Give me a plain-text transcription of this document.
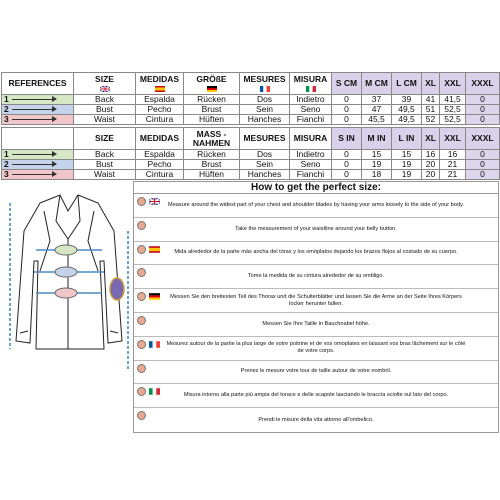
REFERENCES	SIZE	MEDIDAS	GRÖßE	MESURES	MISURA	S CM	M CM	L CM	XL	XXL	XXXL
1	Back	Espalda	Rücken	Dos	Indietro	0	37	39	41	41,5	0
2	Bust	Pecho	Brust	Sein	Seno	0	47	49,5	51	52,5	0
3	Waist	Cintura	Hüften	Hanches	Fianchi	0	45,5	49,5	52	52,5	0
	SIZE	MEDIDAS	MASS - NAHMEN	MESURES	MISURA	S IN	M IN	L IN	XL	XXL	XXXL
1	Back	Espalda	Rücken	Dos	Indietro	0	15	15	16	16	0
2	Bust	Pecho	Brust	Sein	Seno	0	19	19	20	21	0
3	Waist	Cintura	Hüften	Hanches	Fianchi	0	18	19	20	21	0
How to get the perfect size:
Measure around the widest part of your chest and shoulder blades by having your arms loosely to the side of your body.
Take the measurement of your waistline around your belly button.
Mida alrededor de la parte más ancha del tórax y los omóplatos dejando los brazos flojos al costado de su cuerpo.
Tome la medida de su cintura alrededor de su ombligo.
Messen Sie den breitesten Teil des Thorax und die Schulterblätter und lassen Sie die Arme an der Seite Ihres Körpers locker herunter fallen.
Messen Sie Ihre Taille in Bauchnabel höhe.
Mesurez autour de la partie la plus large de votre poitrine et de vos omoplates en laissant vos bras lâchement sur le côté de votre corps.
Prenez le mesure votre tour de taille autour de votre nombril.
Misura intorno alla parte più ampia del torace e delle scapole lasciando le braccia sciolte sul lato del corpo.
Prendi le misure della vita attorno all'ombelico.
